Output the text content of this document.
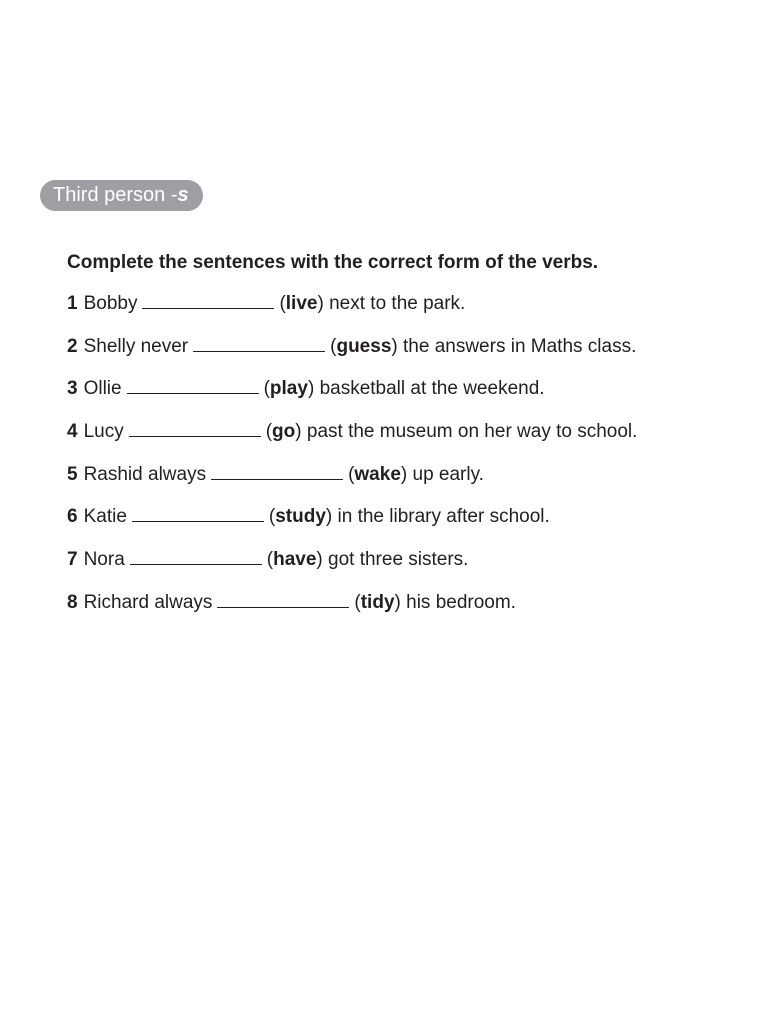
Third person -s

Complete the sentences with the correct form of the verbs.

1 Bobby	(live) next to the park.
2 Shelly never	(guess) the answers in Maths class.
3 Ollie	(play) basketball at the weekend.
4 Lucy	(go) past the museum on her way to school.
5 Rashid always	(wake) up early.
6 Katie	(study) in the library after school.
7 Nora	(have) got three sisters.
8 Richard always	(tidy) his bedroom.
